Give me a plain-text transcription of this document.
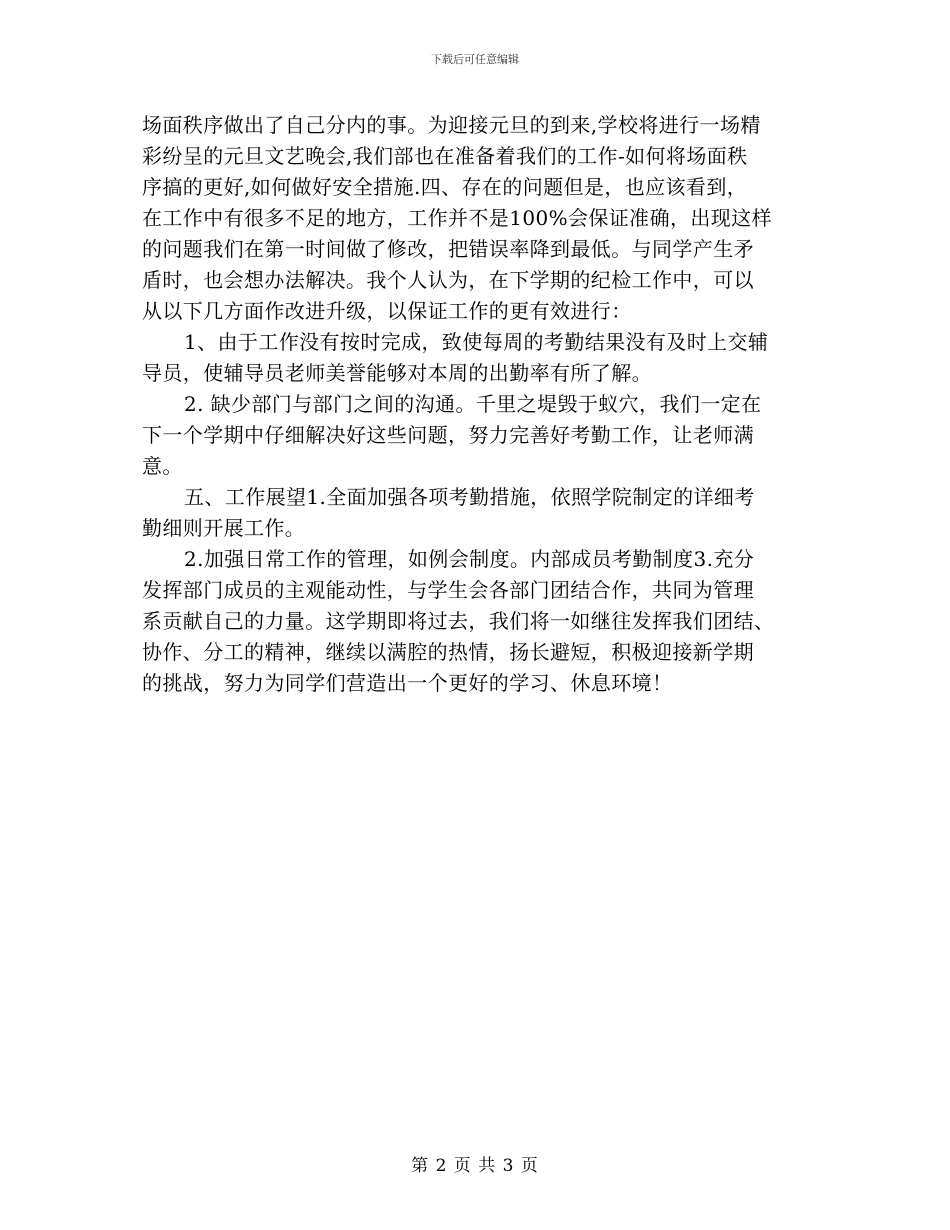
下载后可任意编辑
场面秩序做出了自己分内的事。为迎接元旦的到来,学校将进行一场精
彩纷呈的元旦文艺晚会,我们部也在准备着我们的工作-如何将场面秩
序搞的更好,如何做好安全措施.四、存在的问题但是，也应该看到，
在工作中有很多不足的地方，工作并不是100%会保证准确，出现这样
的问题我们在第一时间做了修改，把错误率降到最低。与同学产生矛
盾时，也会想办法解决。我个人认为，在下学期的纪检工作中，可以
从以下几方面作改进升级，以保证工作的更有效进行：
1、由于工作没有按时完成，致使每周的考勤结果没有及时上交辅
导员，使辅导员老师美誉能够对本周的出勤率有所了解。
2. 缺少部门与部门之间的沟通。千里之堤毁于蚁穴，我们一定在
下一个学期中仔细解决好这些问题，努力完善好考勤工作，让老师满
意。
五、工作展望1.全面加强各项考勤措施，依照学院制定的详细考
勤细则开展工作。
2.加强日常工作的管理，如例会制度。内部成员考勤制度3.充分
发挥部门成员的主观能动性，与学生会各部门团结合作，共同为管理
系贡献自己的力量。这学期即将过去，我们将一如继往发挥我们团结、
协作、分工的精神，继续以满腔的热情，扬长避短，积极迎接新学期
的挑战，努力为同学们营造出一个更好的学习、休息环境！
第 2 页 共 3 页
